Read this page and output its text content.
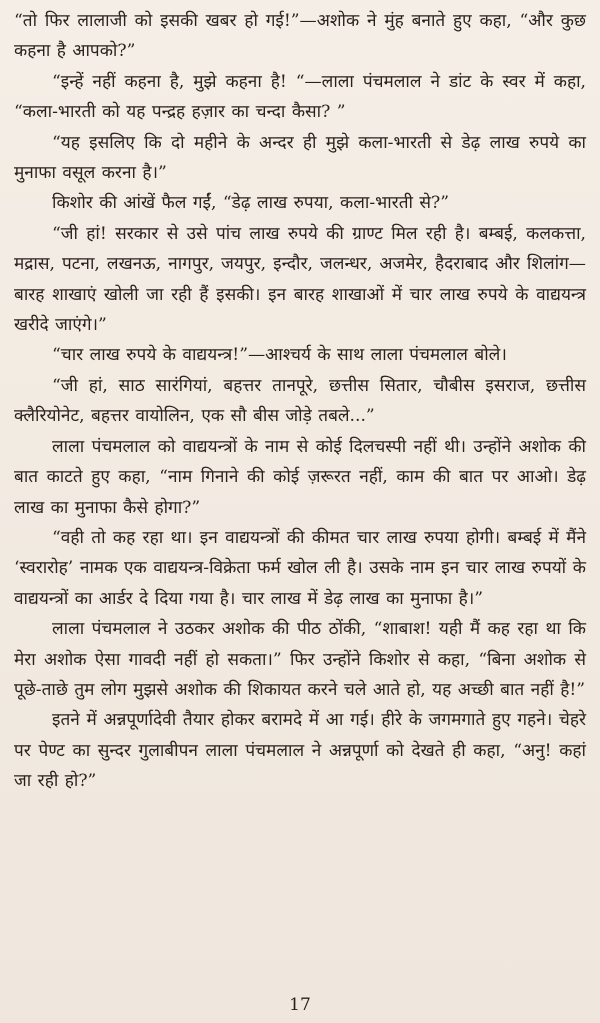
“तो फिर लालाजी को इसकी खबर हो गई!”—अशोक ने मुंह बनाते हुए कहा, “और कुछ कहना है आपको?”

“इन्हें नहीं कहना है, मुझे कहना है! “—लाला पंचमलाल ने डांट के स्वर में कहा, “कला-भारती को यह पन्द्रह हज़ार का चन्दा कैसा? ”

“यह इसलिए कि दो महीने के अन्दर ही मुझे कला-भारती से डेढ़ लाख रुपये का मुनाफा वसूल करना है।”

किशोर की आंखें फैल गईं, “डेढ़ लाख रुपया, कला-भारती से?”

“जी हां! सरकार से उसे पांच लाख रुपये की ग्राण्ट मिल रही है। बम्बई, कलकत्ता, मद्रास, पटना, लखनऊ, नागपुर, जयपुर, इन्दौर, जलन्धर, अजमेर, हैदराबाद और शिलांग—बारह शाखाएं खोली जा रही हैं इसकी। इन बारह शाखाओं में चार लाख रुपये के वाद्ययन्त्र खरीदे जाएंगे।”

“चार लाख रुपये के वाद्ययन्त्र!”—आश्चर्य के साथ लाला पंचमलाल बोले।

“जी हां, साठ सारंगियां, बहत्तर तानपूरे, छत्तीस सितार, चौबीस इसराज, छत्तीस क्लैरियोनेट, बहत्तर वायोलिन, एक सौ बीस जोड़े तबले...”

लाला पंचमलाल को वाद्ययन्त्रों के नाम से कोई दिलचस्पी नहीं थी। उन्होंने अशोक की बात काटते हुए कहा, “नाम गिनाने की कोई ज़रूरत नहीं, काम की बात पर आओ। डेढ़ लाख का मुनाफा कैसे होगा?”

“वही तो कह रहा था। इन वाद्ययन्त्रों की कीमत चार लाख रुपया होगी। बम्बई में मैंने ‘स्वरारोह’ नामक एक वाद्ययन्त्र-विक्रेता फर्म खोल ली है। उसके नाम इन चार लाख रुपयों के वाद्ययन्त्रों का आर्डर दे दिया गया है। चार लाख में डेढ़ लाख का मुनाफा है।”

लाला पंचमलाल ने उठकर अशोक की पीठ ठोंकी, “शाबाश! यही मैं कह रहा था कि मेरा अशोक ऐसा गावदी नहीं हो सकता।” फिर उन्होंने किशोर से कहा, “बिना अशोक से पूछे-ताछे तुम लोग मुझसे अशोक की शिकायत करने चले आते हो, यह अच्छी बात नहीं है!”

इतने में अन्नपूर्णादेवी तैयार होकर बरामदे में आ गई। हीरे के जगमगाते हुए गहने। चेहरे पर पेण्ट का सुन्दर गुलाबीपन लाला पंचमलाल ने अन्नपूर्णा को देखते ही कहा, “अनु! कहां जा रही हो?”

17
